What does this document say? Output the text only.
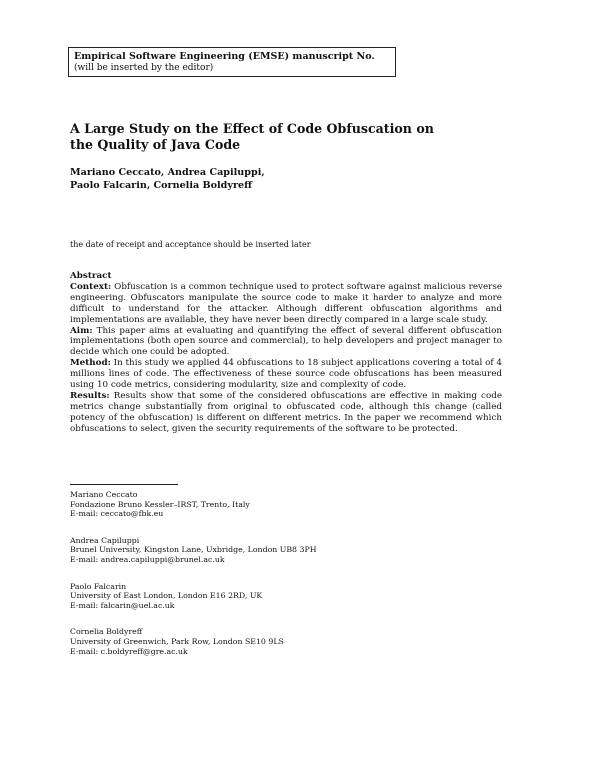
Empirical Software Engineering (EMSE) manuscript No.
(will be inserted by the editor)
A Large Study on the Effect of Code Obfuscation on the Quality of Java Code
Mariano Ceccato, Andrea Capiluppi,
Paolo Falcarin, Cornelia Boldyreff
the date of receipt and acceptance should be inserted later
Abstract

Context: Obfuscation is a common technique used to protect software against malicious reverse engineering. Obfuscators manipulate the source code to make it harder to analyze and more difficult to understand for the attacker. Although different obfuscation algorithms and implementations are available, they have never been directly compared in a large scale study.

Aim: This paper aims at evaluating and quantifying the effect of several different obfuscation implementations (both open source and commercial), to help developers and project manager to decide which one could be adopted.

Method: In this study we applied 44 obfuscations to 18 subject applications covering a total of 4 millions lines of code. The effectiveness of these source code obfuscations has been measured using 10 code metrics, considering modularity, size and complexity of code.

Results: Results show that some of the considered obfuscations are effective in making code metrics change substantially from original to obfuscated code, although this change (called potency of the obfuscation) is different on different metrics. In the paper we recommend which obfuscations to select, given the security requirements of the software to be protected.

Mariano Ceccato
Fondazione Bruno Kessler–IRST, Trento, Italy
E-mail: ceccato@fbk.eu
Andrea Capiluppi
Brunel University, Kingston Lane, Uxbridge, London UB8 3PH
E-mail: andrea.capiluppi@brunel.ac.uk
Paolo Falcarin
University of East London, London E16 2RD, UK
E-mail: falcarin@uel.ac.uk
Cornelia Boldyreff
University of Greenwich, Park Row, London SE10 9LS
E-mail: c.boldyreff@gre.ac.uk
